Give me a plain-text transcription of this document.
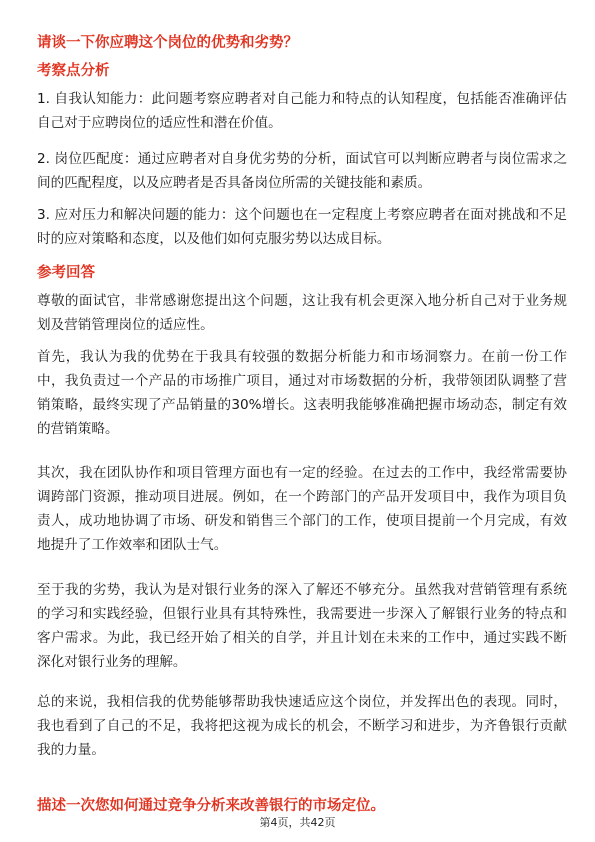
请谈一下你应聘这个岗位的优势和劣势？
考察点分析

1. 自我认知能力：此问题考察应聘者对自己能力和特点的认知程度，包括能否准确评估自己对于应聘岗位的适应性和潜在价值。

2. 岗位匹配度：通过应聘者对自身优劣势的分析，面试官可以判断应聘者与岗位需求之间的匹配程度，以及应聘者是否具备岗位所需的关键技能和素质。

3. 应对压力和解决问题的能力：这个问题也在一定程度上考察应聘者在面对挑战和不足时的应对策略和态度，以及他们如何克服劣势以达成目标。

参考回答

尊敬的面试官，非常感谢您提出这个问题，这让我有机会更深入地分析自己对于业务规划及营销管理岗位的适应性。

首先，我认为我的优势在于我具有较强的数据分析能力和市场洞察力。在前一份工作中，我负责过一个产品的市场推广项目，通过对市场数据的分析，我带领团队调整了营销策略，最终实现了产品销量的30%增长。这表明我能够准确把握市场动态，制定有效的营销策略。

其次，我在团队协作和项目管理方面也有一定的经验。在过去的工作中，我经常需要协调跨部门资源，推动项目进展。例如，在一个跨部门的产品开发项目中，我作为项目负责人，成功地协调了市场、研发和销售三个部门的工作，使项目提前一个月完成，有效地提升了工作效率和团队士气。

至于我的劣势，我认为是对银行业务的深入了解还不够充分。虽然我对营销管理有系统的学习和实践经验，但银行业具有其特殊性，我需要进一步深入了解银行业务的特点和客户需求。为此，我已经开始了相关的自学，并且计划在未来的工作中，通过实践不断深化对银行业务的理解。

总的来说，我相信我的优势能够帮助我快速适应这个岗位，并发挥出色的表现。同时，我也看到了自己的不足，我将把这视为成长的机会，不断学习和进步，为齐鲁银行贡献我的力量。

描述一次您如何通过竞争分析来改善银行的市场定位。
第4页，共42页
